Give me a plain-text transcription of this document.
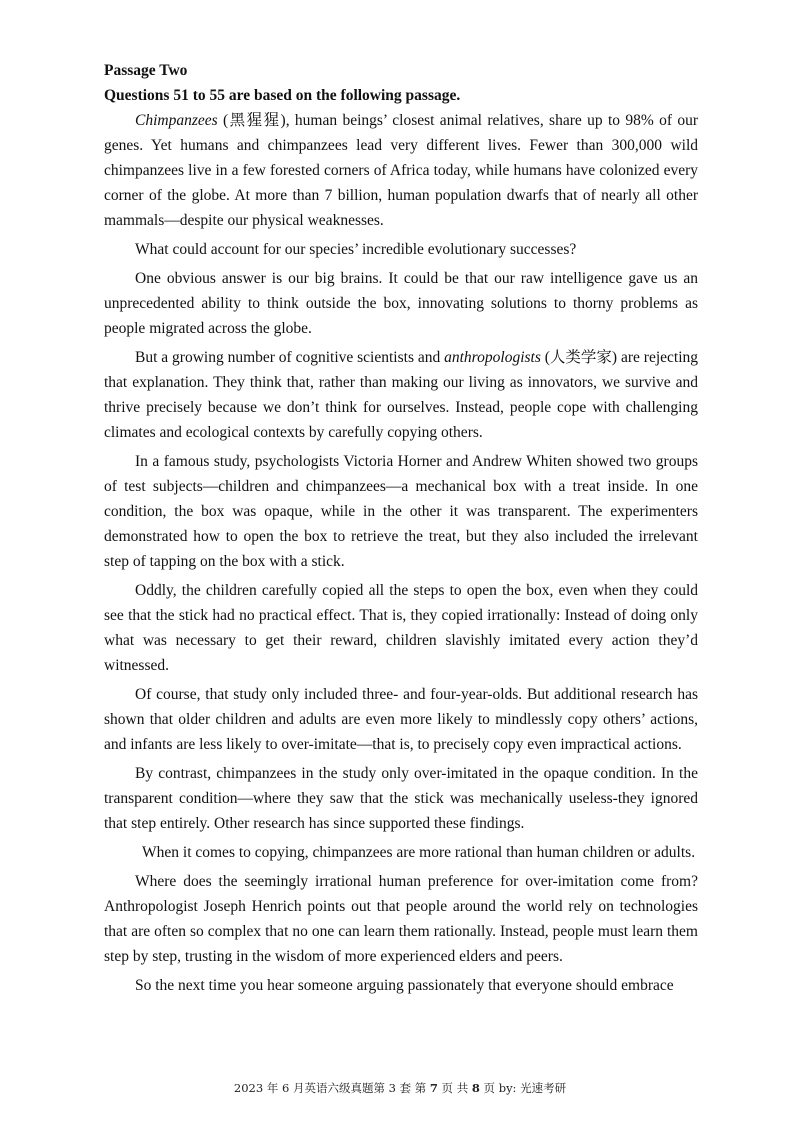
Passage Two

Questions 51 to 55 are based on the following passage.

Chimpanzees (黑猩猩), human beings’ closest animal relatives, share up to 98% of our genes. Yet humans and chimpanzees lead very different lives. Fewer than 300,000 wild chimpanzees live in a few forested corners of Africa today, while humans have colonized every corner of the globe. At more than 7 billion, human population dwarfs that of nearly all other mammals—despite our physical weaknesses.

What could account for our species’ incredible evolutionary successes?

One obvious answer is our big brains. It could be that our raw intelligence gave us an unprecedented ability to think outside the box, innovating solutions to thorny problems as people migrated across the globe.

But a growing number of cognitive scientists and anthropologists (人类学家) are rejecting that explanation. They think that, rather than making our living as innovators, we survive and thrive precisely because we don’t think for ourselves. Instead, people cope with challenging climates and ecological contexts by carefully copying others.

In a famous study, psychologists Victoria Horner and Andrew Whiten showed two groups of test subjects—children and chimpanzees—a mechanical box with a treat inside. In one condition, the box was opaque, while in the other it was transparent. The experimenters demonstrated how to open the box to retrieve the treat, but they also included the irrelevant step of tapping on the box with a stick.

Oddly, the children carefully copied all the steps to open the box, even when they could see that the stick had no practical effect. That is, they copied irrationally: Instead of doing only what was necessary to get their reward, children slavishly imitated every action they’d witnessed.

Of course, that study only included three- and four-year-olds. But additional research has shown that older children and adults are even more likely to mindlessly copy others’ actions, and infants are less likely to over-imitate—that is, to precisely copy even impractical actions.

By contrast, chimpanzees in the study only over-imitated in the opaque condition. In the transparent condition—where they saw that the stick was mechanically useless-they ignored that step entirely. Other research has since supported these findings.

When it comes to copying, chimpanzees are more rational than human children or adults.

Where does the seemingly irrational human preference for over-imitation come from? Anthropologist Joseph Henrich points out that people around the world rely on technologies that are often so complex that no one can learn them rationally. Instead, people must learn them step by step, trusting in the wisdom of more experienced elders and peers.

So the next time you hear someone arguing passionately that everyone should embrace

2023 年 6 月英语六级真题第 3 套 第 7 页 共 8 页 by: 光速考研
